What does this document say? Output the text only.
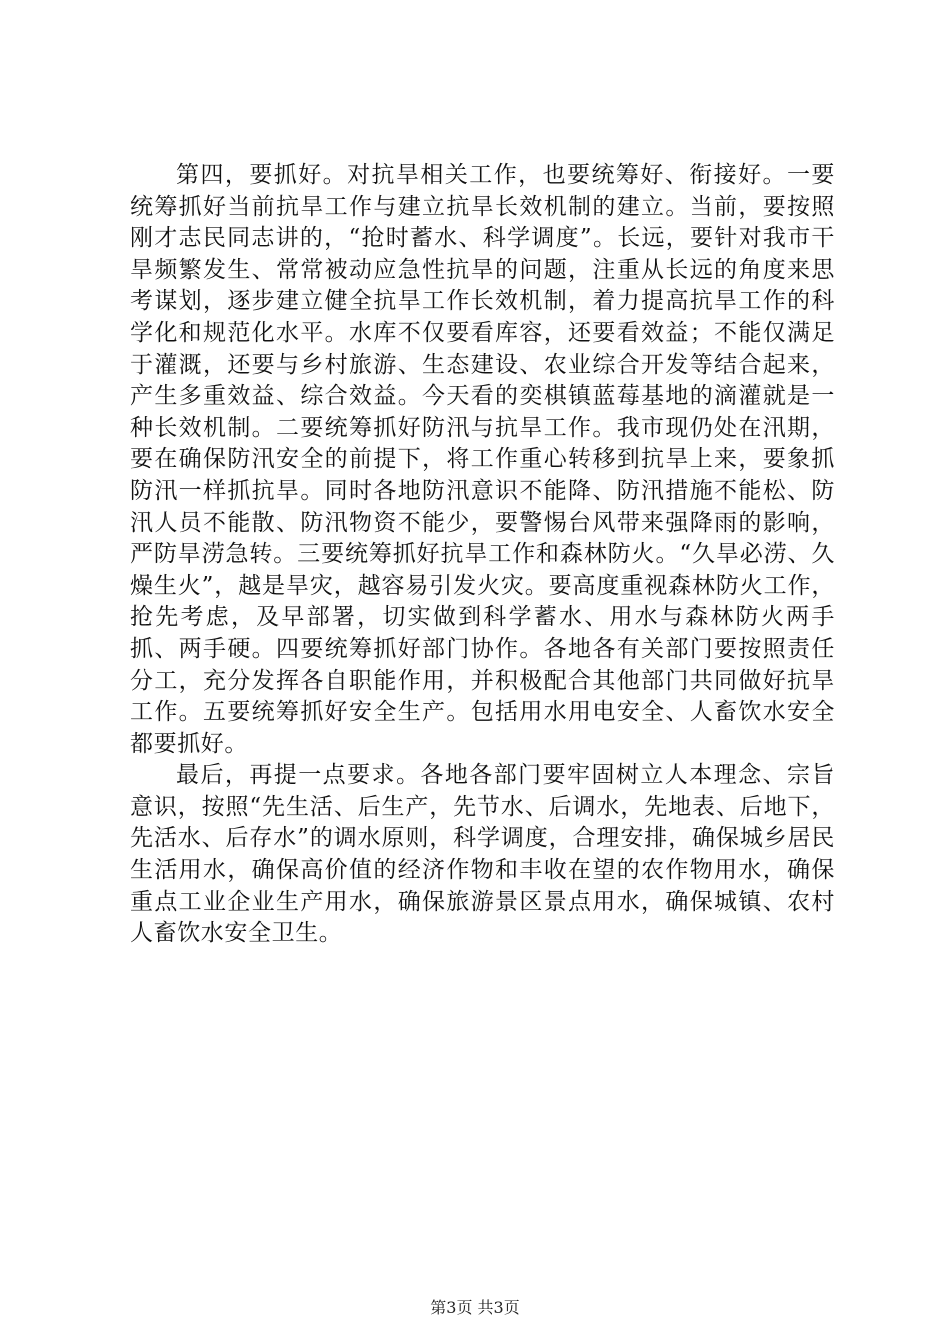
第四，要抓好。对抗旱相关工作，也要统筹好、衔接好。一要统筹抓好当前抗旱工作与建立抗旱长效机制的建立。当前，要按照刚才志民同志讲的，“抢时蓄水、科学调度”。长远，要针对我市干旱频繁发生、常常被动应急性抗旱的问题，注重从长远的角度来思考谋划，逐步建立健全抗旱工作长效机制，着力提高抗旱工作的科学化和规范化水平。水库不仅要看库容，还要看效益；不能仅满足于灌溉，还要与乡村旅游、生态建设、农业综合开发等结合起来，产生多重效益、综合效益。今天看的奕棋镇蓝莓基地的滴灌就是一种长效机制。二要统筹抓好防汛与抗旱工作。我市现仍处在汛期，要在确保防汛安全的前提下，将工作重心转移到抗旱上来，要象抓防汛一样抓抗旱。同时各地防汛意识不能降、防汛措施不能松、防汛人员不能散、防汛物资不能少，要警惕台风带来强降雨的影响，严防旱涝急转。三要统筹抓好抗旱工作和森林防火。“久旱必涝、久燥生火”，越是旱灾，越容易引发火灾。要高度重视森林防火工作，抢先考虑，及早部署，切实做到科学蓄水、用水与森林防火两手抓、两手硬。四要统筹抓好部门协作。各地各有关部门要按照责任分工，充分发挥各自职能作用，并积极配合其他部门共同做好抗旱工作。五要统筹抓好安全生产。包括用水用电安全、人畜饮水安全都要抓好。

最后，再提一点要求。各地各部门要牢固树立人本理念、宗旨意识，按照“先生活、后生产，先节水、后调水，先地表、后地下，先活水、后存水”的调水原则，科学调度，合理安排，确保城乡居民生活用水，确保高价值的经济作物和丰收在望的农作物用水，确保重点工业企业生产用水，确保旅游景区景点用水，确保城镇、农村人畜饮水安全卫生。

第3页 共3页
